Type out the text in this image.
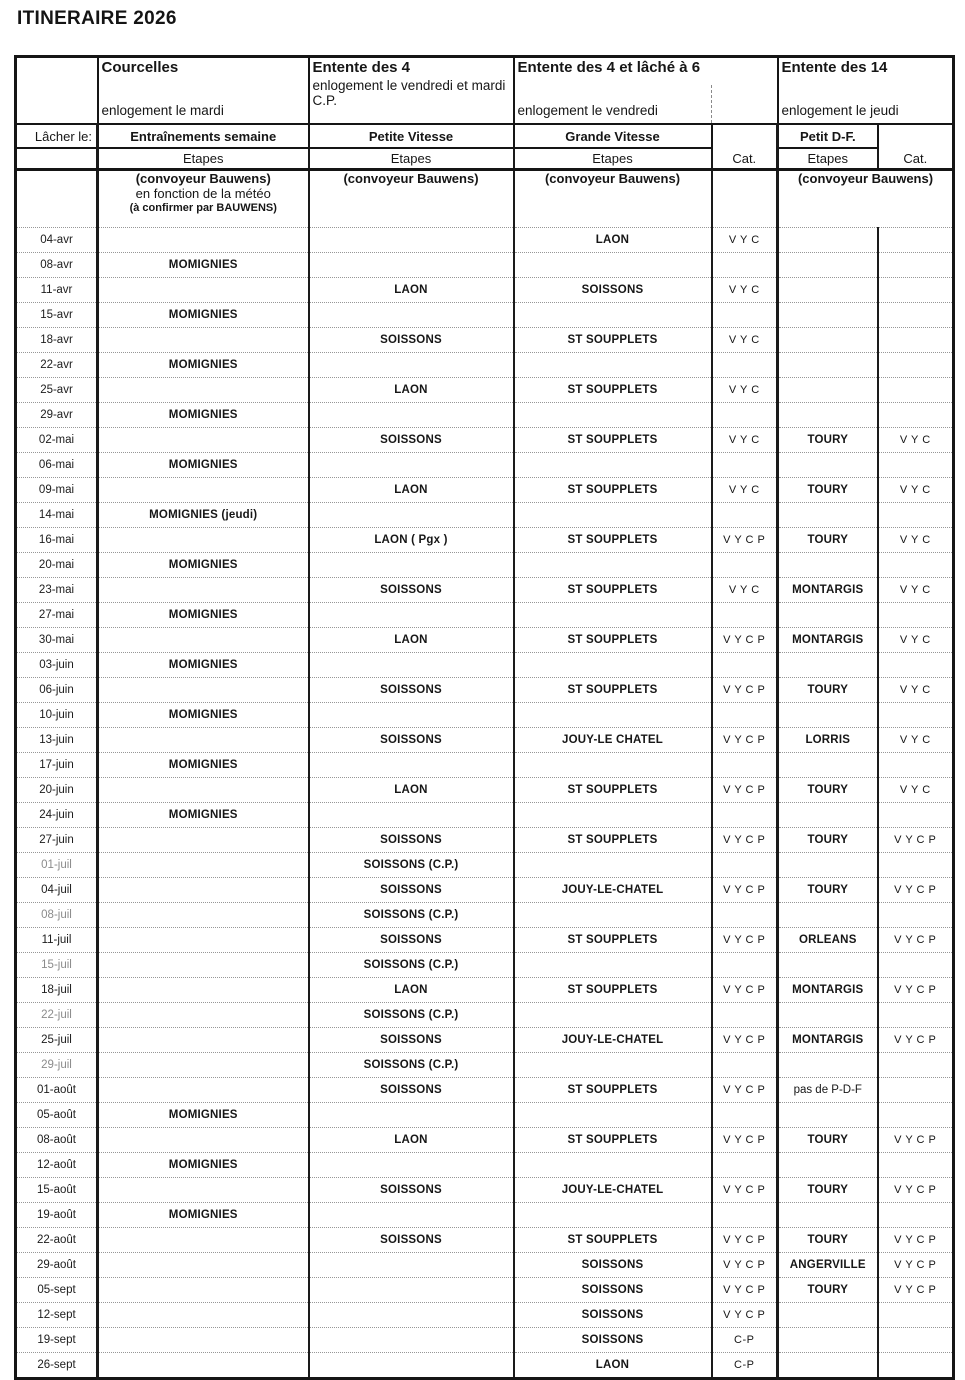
ITINERAIRE 2026

Courcelles
enlogement le mardi

Entente des 4
enlogement le vendredi et mardi C.P.

Entente des 4 et lâché à 6
enlogement le vendredi

Entente des 14
enlogement le jeudi

Lâcher le:	Entraînements semaine	Petite Vitesse	Grande Vitesse		Petit D-F.	
	Etapes	Etapes	Etapes	Cat.	Etapes	Cat.

	(convoyeur Bauwens)
en fonction de la météo
(à confirmer par BAUWENS)	(convoyeur Bauwens)	(convoyeur Bauwens)		(convoyeur Bauwens)	

04-avr			LAON	V Y C		
08-avr	MOMIGNIES					
11-avr		LAON	SOISSONS	V Y C		
15-avr	MOMIGNIES					
18-avr		SOISSONS	ST SOUPPLETS	V Y C		
22-avr	MOMIGNIES					
25-avr		LAON	ST SOUPPLETS	V Y C		
29-avr	MOMIGNIES					
02-mai		SOISSONS	ST SOUPPLETS	V Y C	TOURY	V Y C
06-mai	MOMIGNIES					
09-mai		LAON	ST SOUPPLETS	V Y C	TOURY	V Y C
14-mai	MOMIGNIES (jeudi)					
16-mai		LAON ( Pgx )	ST SOUPPLETS	V Y C P	TOURY	V Y C
20-mai	MOMIGNIES					
23-mai		SOISSONS	ST SOUPPLETS	V Y C	MONTARGIS	V Y C
27-mai	MOMIGNIES					
30-mai		LAON	ST SOUPPLETS	V Y C P	MONTARGIS	V Y C
03-juin	MOMIGNIES					
06-juin		SOISSONS	ST SOUPPLETS	V Y C P	TOURY	V Y C
10-juin	MOMIGNIES					
13-juin		SOISSONS	JOUY-LE CHATEL	V Y C P	LORRIS	V Y C
17-juin	MOMIGNIES					
20-juin		LAON	ST SOUPPLETS	V Y C P	TOURY	V Y C
24-juin	MOMIGNIES					
27-juin		SOISSONS	ST SOUPPLETS	V Y C P	TOURY	V Y C P
01-juil		SOISSONS (C.P.)				
04-juil		SOISSONS	JOUY-LE-CHATEL	V Y C P	TOURY	V Y C P
08-juil		SOISSONS (C.P.)				
11-juil		SOISSONS	ST SOUPPLETS	V Y C P	ORLEANS	V Y C P
15-juil		SOISSONS (C.P.)				
18-juil		LAON	ST SOUPPLETS	V Y C P	MONTARGIS	V Y C P
22-juil		SOISSONS (C.P.)				
25-juil		SOISSONS	JOUY-LE-CHATEL	V Y C P	MONTARGIS	V Y C P
29-juil		SOISSONS (C.P.)				
01-août		SOISSONS	ST SOUPPLETS	V Y C P	pas de P-D-F	
05-août	MOMIGNIES					
08-août		LAON	ST SOUPPLETS	V Y C P	TOURY	V Y C P
12-août	MOMIGNIES					
15-août		SOISSONS	JOUY-LE-CHATEL	V Y C P	TOURY	V Y C P
19-août	MOMIGNIES					
22-août		SOISSONS	ST SOUPPLETS	V Y C P	TOURY	V Y C P
29-août			SOISSONS	V Y C P	ANGERVILLE	V Y C P
05-sept			SOISSONS	V Y C P	TOURY	V Y C P
12-sept			SOISSONS	V Y C P		
19-sept			SOISSONS	C-P		
26-sept			LAON	C-P		
